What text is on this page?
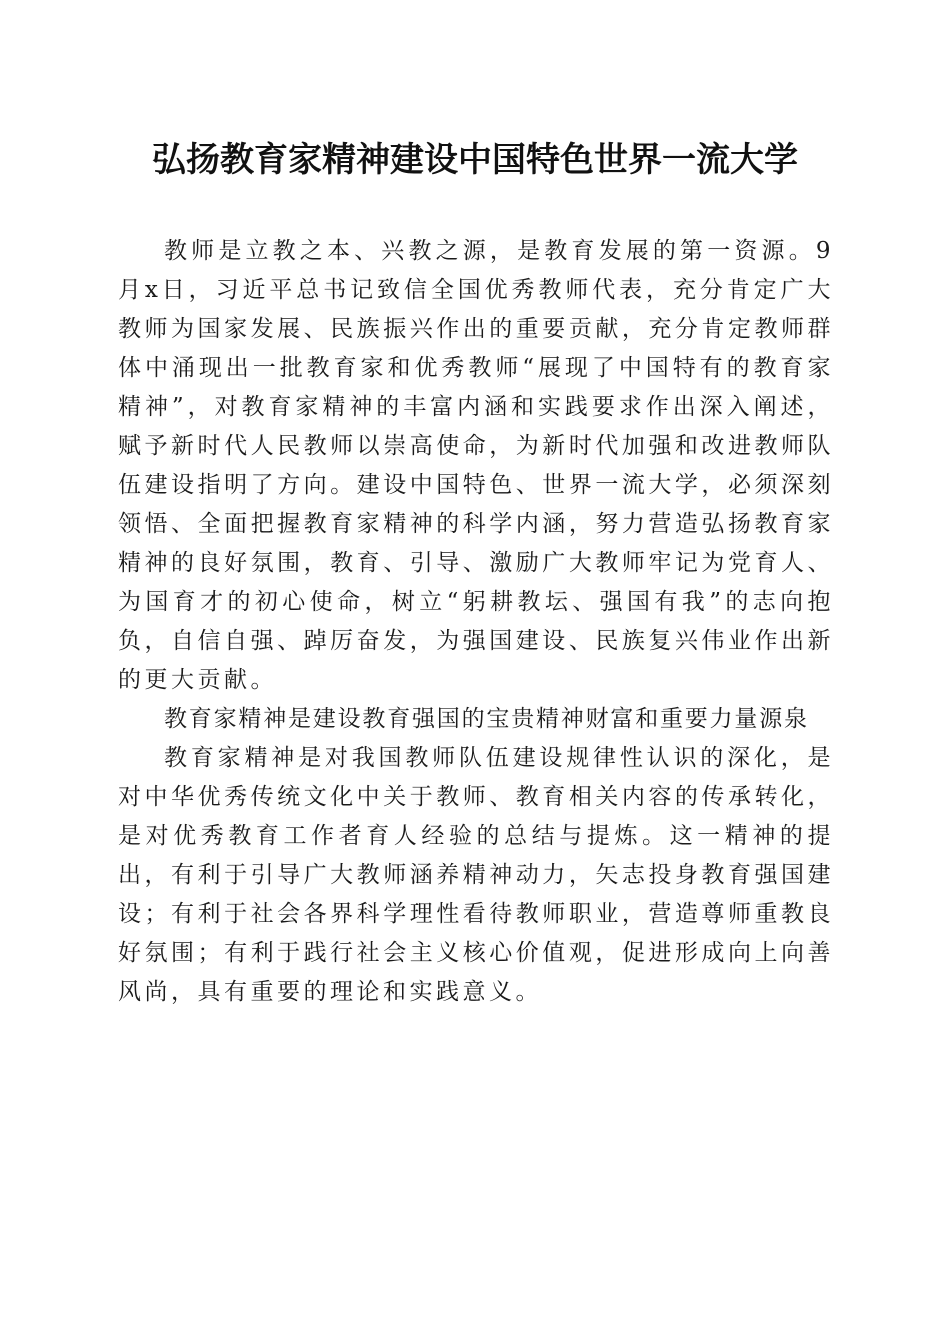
弘扬教育家精神建设中国特色世界一流大学

教师是立教之本、兴教之源，是教育发展的第一资源。9月x日，习近平总书记致信全国优秀教师代表，充分肯定广大教师为国家发展、民族振兴作出的重要贡献，充分肯定教师群体中涌现出一批教育家和优秀教师“展现了中国特有的教育家精神”，对教育家精神的丰富内涵和实践要求作出深入阐述，赋予新时代人民教师以崇高使命，为新时代加强和改进教师队伍建设指明了方向。建设中国特色、世界一流大学，必须深刻领悟、全面把握教育家精神的科学内涵，努力营造弘扬教育家精神的良好氛围，教育、引导、激励广大教师牢记为党育人、为国育才的初心使命，树立“躬耕教坛、强国有我”的志向抱负，自信自强、踔厉奋发，为强国建设、民族复兴伟业作出新的更大贡献。

教育家精神是建设教育强国的宝贵精神财富和重要力量源泉

教育家精神是对我国教师队伍建设规律性认识的深化，是对中华优秀传统文化中关于教师、教育相关内容的传承转化，是对优秀教育工作者育人经验的总结与提炼。这一精神的提出，有利于引导广大教师涵养精神动力，矢志投身教育强国建设；有利于社会各界科学理性看待教师职业，营造尊师重教良好氛围；有利于践行社会主义核心价值观，促进形成向上向善风尚，具有重要的理论和实践意义。
